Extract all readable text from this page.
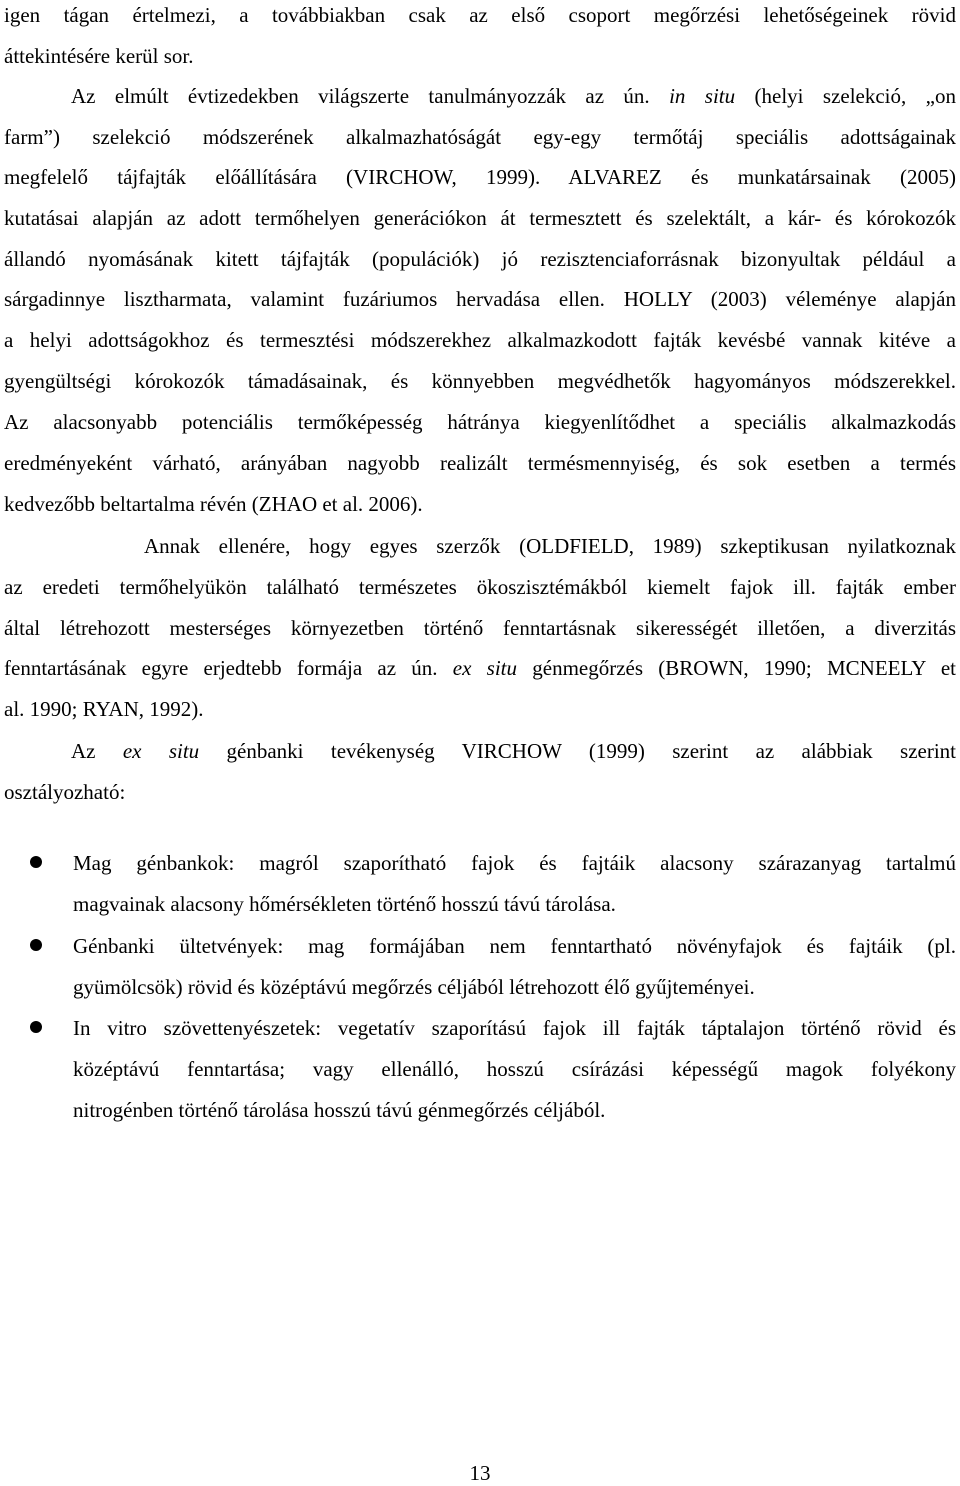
igen tágan értelmezi, a továbbiakban csak az első csoport megőrzési lehetőségeinek rövid
áttekintésére kerül sor.
Az elmúlt évtizedekben világszerte tanulmányozzák az ún. in situ (helyi szelekció, „on
farm”) szelekció módszerének alkalmazhatóságát egy-egy termőtáj speciális adottságainak
megfelelő tájfajták előállítására (VIRCHOW, 1999). ALVAREZ és munkatársainak (2005)
kutatásai alapján az adott termőhelyen generációkon át termesztett és szelektált, a kár- és kórokozók
állandó nyomásának kitett tájfajták (populációk) jó rezisztenciaforrásnak bizonyultak például a
sárgadinnye lisztharmata, valamint fuzáriumos hervadása ellen. HOLLY (2003) véleménye alapján
a helyi adottságokhoz és termesztési módszerekhez alkalmazkodott fajták kevésbé vannak kitéve a
gyengültségi kórokozók támadásainak, és könnyebben megvédhetők hagyományos módszerekkel.
Az alacsonyabb potenciális termőképesség hátránya kiegyenlítődhet a speciális alkalmazkodás
eredményeként várható, arányában nagyobb realizált termésmennyiség, és sok esetben a termés
kedvezőbb beltartalma révén (ZHAO et al. 2006).
Annak ellenére, hogy egyes szerzők (OLDFIELD, 1989) szkeptikusan nyilatkoznak
az eredeti termőhelyükön található természetes ökoszisztémákból kiemelt fajok ill. fajták ember
által létrehozott mesterséges környezetben történő fenntartásnak sikerességét illetően, a diverzitás
fenntartásának egyre erjedtebb formája az ún. ex situ génmegőrzés (BROWN, 1990; MCNEELY et
al. 1990; RYAN, 1992).
Az ex situ génbanki tevékenység VIRCHOW (1999) szerint az alábbiak szerint
osztályozható:
Mag génbankok: magról szaporítható fajok és fajtáik alacsony szárazanyag tartalmú
magvainak alacsony hőmérsékleten történő hosszú távú tárolása.
Génbanki ültetvények: mag formájában nem fenntartható növényfajok és fajtáik (pl.
gyümölcsök) rövid és középtávú megőrzés céljából létrehozott élő gyűjteményei.
In vitro szövettenyészetek: vegetatív szaporítású fajok ill fajták táptalajon történő rövid és
középtávú fenntartása; vagy ellenálló, hosszú csírázási képességű magok folyékony
nitrogénben történő tárolása hosszú távú génmegőrzés céljából.
13
